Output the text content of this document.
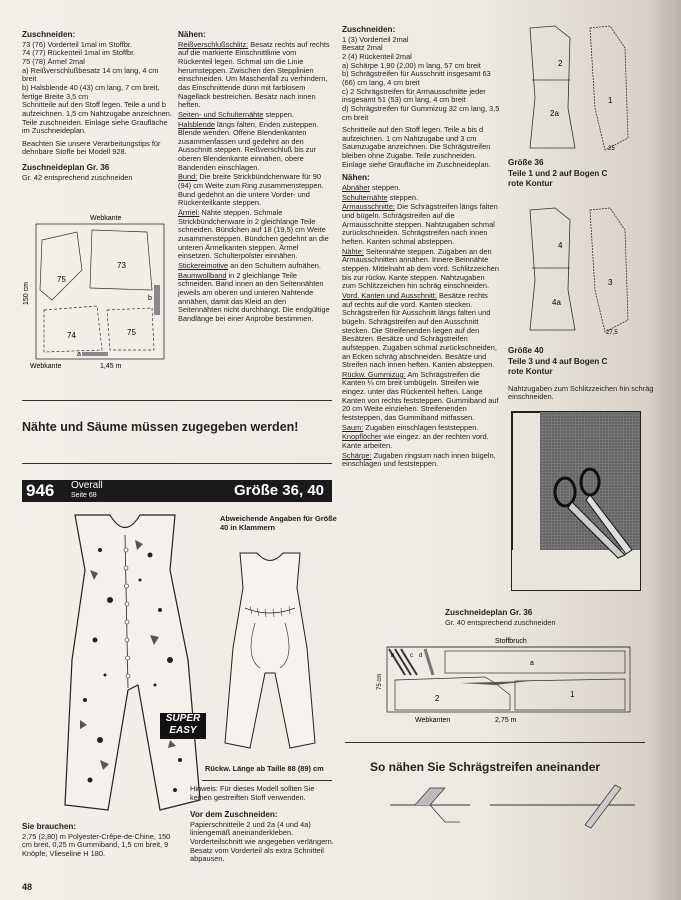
Zuschneiden:
73 (76) Vorderteil 1mal im Stoffbr.
74 (77) Rückenteil 1mal im Stoffbr.
75 (78) Ärmel 2mal
a) Reißverschlußbesatz 14 cm lang, 4 cm breit
b) Halsblende 40 (43) cm lang, 7 cm breit, fertige Breite 3,5 cm

Schnitteile auf den Stoff legen. Teile a und b aufzeichnen. 1,5 cm Nahtzugabe anzeichnen. Teile zuschneiden. Einlage siehe Graufläche im Zuschneideplan.

Beachten Sie unsere Verarbeitungstips für dehnbare Stoffe bei Modell 928.

Zuschneideplan Gr. 36
Gr. 42 entsprechend zuschneiden
Webkante
75
73
74	75
b
a
150 cm
Webkante	1,45 m
Nähen:
Reißverschlußschlitz: Besatz rechts auf rechts auf die markierte Einschnittlinie vom Rückenteil legen. Schmal um die Linie herumsteppen. Zwischen den Stepplinien einschneiden. Um Maschenfall zu verhindern, das Einschnittende dünn mit farblosem Nagellack bestreichen. Besatz nach innen heften.
Seiten- und Schulternähte steppen.
Halsblende längs falten, Enden zusteppen. Blende wenden. Offene Blendenkanten zusammenfassen und gedehnt an den Ausschnitt steppen. Reißverschluß bis zur oberen Blendenkante einnähen, obere Bandenden einschlagen.
Bund: Die breite Strickbündchenware für 90 (94) cm Weite zum Ring zusammensteppen. Bund gedehnt an die untere Vorder- und Rückenteilkante steppen.
Ärmel: Nähte steppen. Schmale Strickbündchenware in 2 gleichlange Teile schneiden. Bündchen auf 18 (19,5) cm Weite zusammensteppen. Bündchen gedehnt an die unteren Ärmelkanten steppen. Ärmel einsetzen. Schulterpolster einnähen.
Stickereimotive an den Schultern aufnähen.
Baumwollband in 2 gleichlange Teile schneiden. Band innen an den Seitennähten jeweils am oberen und unteren Nahtende annähen, damit das Kleid an den Seitennähten nicht durchhängt. Die endgültige Bandlänge bei einer Anprobe bestimmen.
Zuschneiden:
1 (3) Vorderteil 2mal
Besatz 2mal
2 (4) Rückenteil 2mal
a) Schärpe 1,90 (2,00) m lang, 57 cm breit
b) Schrägstreifen für Ausschnitt insgesamt 63 (66) cm lang, 4 cm breit
c) 2 Schrägstreifen für Armausschnitte jeder insgesamt 51 (53) cm lang, 4 cm breit
d) Schrägstreifen für Gummizug 32 cm lang, 3,5 cm breit

Schnitteile auf den Stoff legen. Teile a bis d aufzeichnen. 1 cm Nahtzugabe und 3 cm Saumzugabe anzeichnen. Die Schrägstreifen bleiben ohne Zugabe. Teile zuschneiden. Einlage siehe Graufläche im Zuschneideplan.

Nähen:
Abnäher steppen.
Schulternähte steppen.
Armausschnitte: Die Schrägstreifen längs falten und bügeln. Schrägstreifen auf die Armausschnitte steppen. Nahtzugaben schmal zurückschneiden. Schrägstreifen nach innen heften. Kanten schmal absteppen.
Nähte: Seitennähte steppen. Zugaben an den Armausschnitten annähen. Innere Beinnähte steppen. Mittelnaht ab dem vord. Schlitzzeichen bis zur rückw. Kante steppen. Nahtzugaben zum Schlitzzeichen hin schräg einschneiden.
Vord. Kanten und Ausschnitt: Besätze rechts auf rechts auf die vord. Kanten stecken. Schrägstreifen für Ausschnitt längs falten und bügeln. Schrägstreifen auf den Ausschnitt stecken. Die Streifenenden liegen auf den Besätzen. Besätze und Schrägstreifen aufsteppen. Zugaben schmal zurückschneiden, an Ecken schräg abschneiden. Besätze und Streifen nach innen heften. Kanten absteppen.
Rückw. Gummizug: Am Schrägstreifen die Kanten ¼ cm breit umbügeln. Streifen wie eingez. unter das Rückenteil heften. Lange Kanten von rechts feststeppen. Gummiband auf 20 cm Weite einziehen. Streifenenden feststeppen, das Gummiband mitfassen.
Saum: Zugaben einschlagen feststeppen.
Knopflöcher wie eingez. an der rechten vord. Kante arbeiten.
Schärpe: Zugaben ringsum nach innen bügeln, einschlagen und feststeppen.
2
2a
1
25
Größe 36
Teile 1 und 2 auf Bogen C
rote Kontur
4
4a
3
27,5
Größe 40
Teile 3 und 4 auf Bogen C
rote Kontur
Nahtzugaben zum Schlitzzeichen hin schräg einschneiden.
Nähte und Säume müssen zugegeben werden!
946 Overall
Seite 68	Größe 36, 40
SUPER
EASY
Abweichende Angaben für Größe 40 in Klammern
Rückw. Länge ab Taille 88 (89) cm
Hinweis: Für dieses Modell sollten Sie keinen gestreiften Stoff verwenden.
Vor dem Zuschneiden:
Papierschnitteile 2 und 2a (4 und 4a) liniengemäß aneinanderkleben. Vorderteilschnitt wie angegeben verlängern. Besatz vom Vorderteil als extra Schnitteil abpausen.
Sie brauchen:
2,75 (2,80) m Polyester-Crêpe-de-Chine, 150 cm breit, 0,25 m Gummiband, 1,5 cm breit, 9 Knöpfe, Vlieseline H 180.
48
Zuschneideplan Gr. 36
Gr. 40 entsprechend zuschneiden
Stoffbruch
a
b	c d
2	1
75 cm
Webkanten	2,75 m
So nähen Sie Schrägstreifen aneinander
